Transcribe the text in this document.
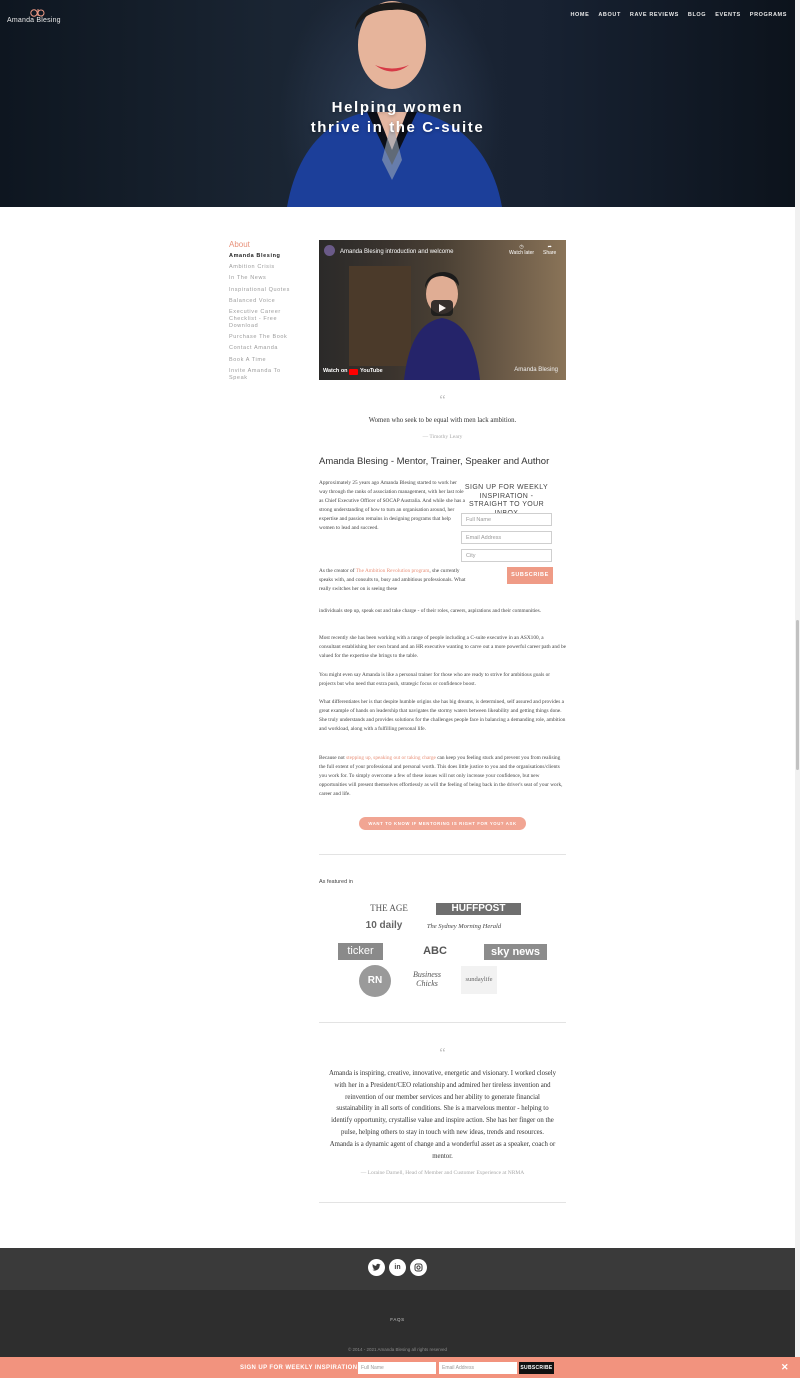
Amanda Blesing
HOME ABOUT RAVE REVIEWS BLOG EVENTS PROGRAMS
Helping women
thrive in the C-suite
About
Amanda Blesing
Ambition Crisis
In The News
Inspirational Quotes
Balanced Voice
Executive Career
Checklist - Free
Download
Purchase The Book
Contact Amanda
Book A Time
Invite Amanda To
Speak
Amanda Blesing introduction and welcome
◷
Watch later
➦
Share
Watch on YouTube	Amanda Blesing
“
Women who seek to be equal with men lack ambition.
— Timothy Leary
Amanda Blesing - Mentor, Trainer, Speaker and Author

Approximately 25 years ago Amanda Blesing started to work her way through the ranks of association management, with her last role as Chief Executive Officer of SOCAP Australia. And while she has a strong understanding of how to turn an organisation around, her expertise and passion remains in designing programs that help women to lead and succeed.

As the creator of The Ambition Revolution program, she currently speaks with, and consults to, busy and ambitious professionals. What really switches her on is seeing these

individuals step up, speak out and take charge - of their roles, careers, aspirations and their communities.

Most recently she has been working with a range of people including a C-suite executive in an ASX100, a consultant establishing her own brand and an HR executive wanting to carve out a more powerful career path and be valued for the expertise she brings to the table.

You might even say Amanda is like a personal trainer for those who are ready to strive for ambitious goals or projects but who need that extra push, strategic focus or confidence boost.

What differentiates her is that despite humble origins she has big dreams, is determined, self assured and provides a great example of hands on leadership that navigates the stormy waters between likeability and getting things done. She truly understands and provides solutions for the challenges people face in balancing a demanding role, ambition and workload, along with a fulfilling personal life.

Because not stepping up, speaking out or taking charge can keep you feeling stuck and prevent you from realising the full extent of your professional and personal worth. This does little justice to you and the organisations/clients you work for. To simply overcome a few of these issues will not only increase your confidence, but new opportunities will present themselves effortlessly as will the feeling of being back in the driver's seat of your work, career and life.

SIGN UP FOR WEEKLY INSPIRATION - STRAIGHT TO YOUR
Full Name
Email Address
City
SUBSCRIBE
WANT TO KNOW IF MENTORING IS RIGHT FOR YOU? ASK AMANDA
As featured in
THE AGE	HUFFPOST
10 daily	The Sydney Morning Herald
ticker	ABC	sky news
RN
Business Chicks	sundaylife
“
Amanda is inspiring, creative, innovative, energetic and visionary. I worked closely
with her in a President/CEO relationship and admired her tireless invention and
reinvention of our member services and her ability to generate financial
sustainability in all sorts of conditions. She is a marvelous mentor - helping to
identify opportunity, crystallise value and inspire action. She has her finger on the
pulse, helping others to stay in touch with new ideas, trends and resources.
Amanda is a dynamic agent of change and a wonderful asset as a speaker, coach or
mentor.
— Loraine Darnell, Head of Member and Customer Experience at NRMA
in
FAQS
© 2014 - 2021 Amanda Blesing all rights reserved
SIGN UP FOR WEEKLY INSPIRATION Full Name	Email Address	SUBSCRIBE	✕
